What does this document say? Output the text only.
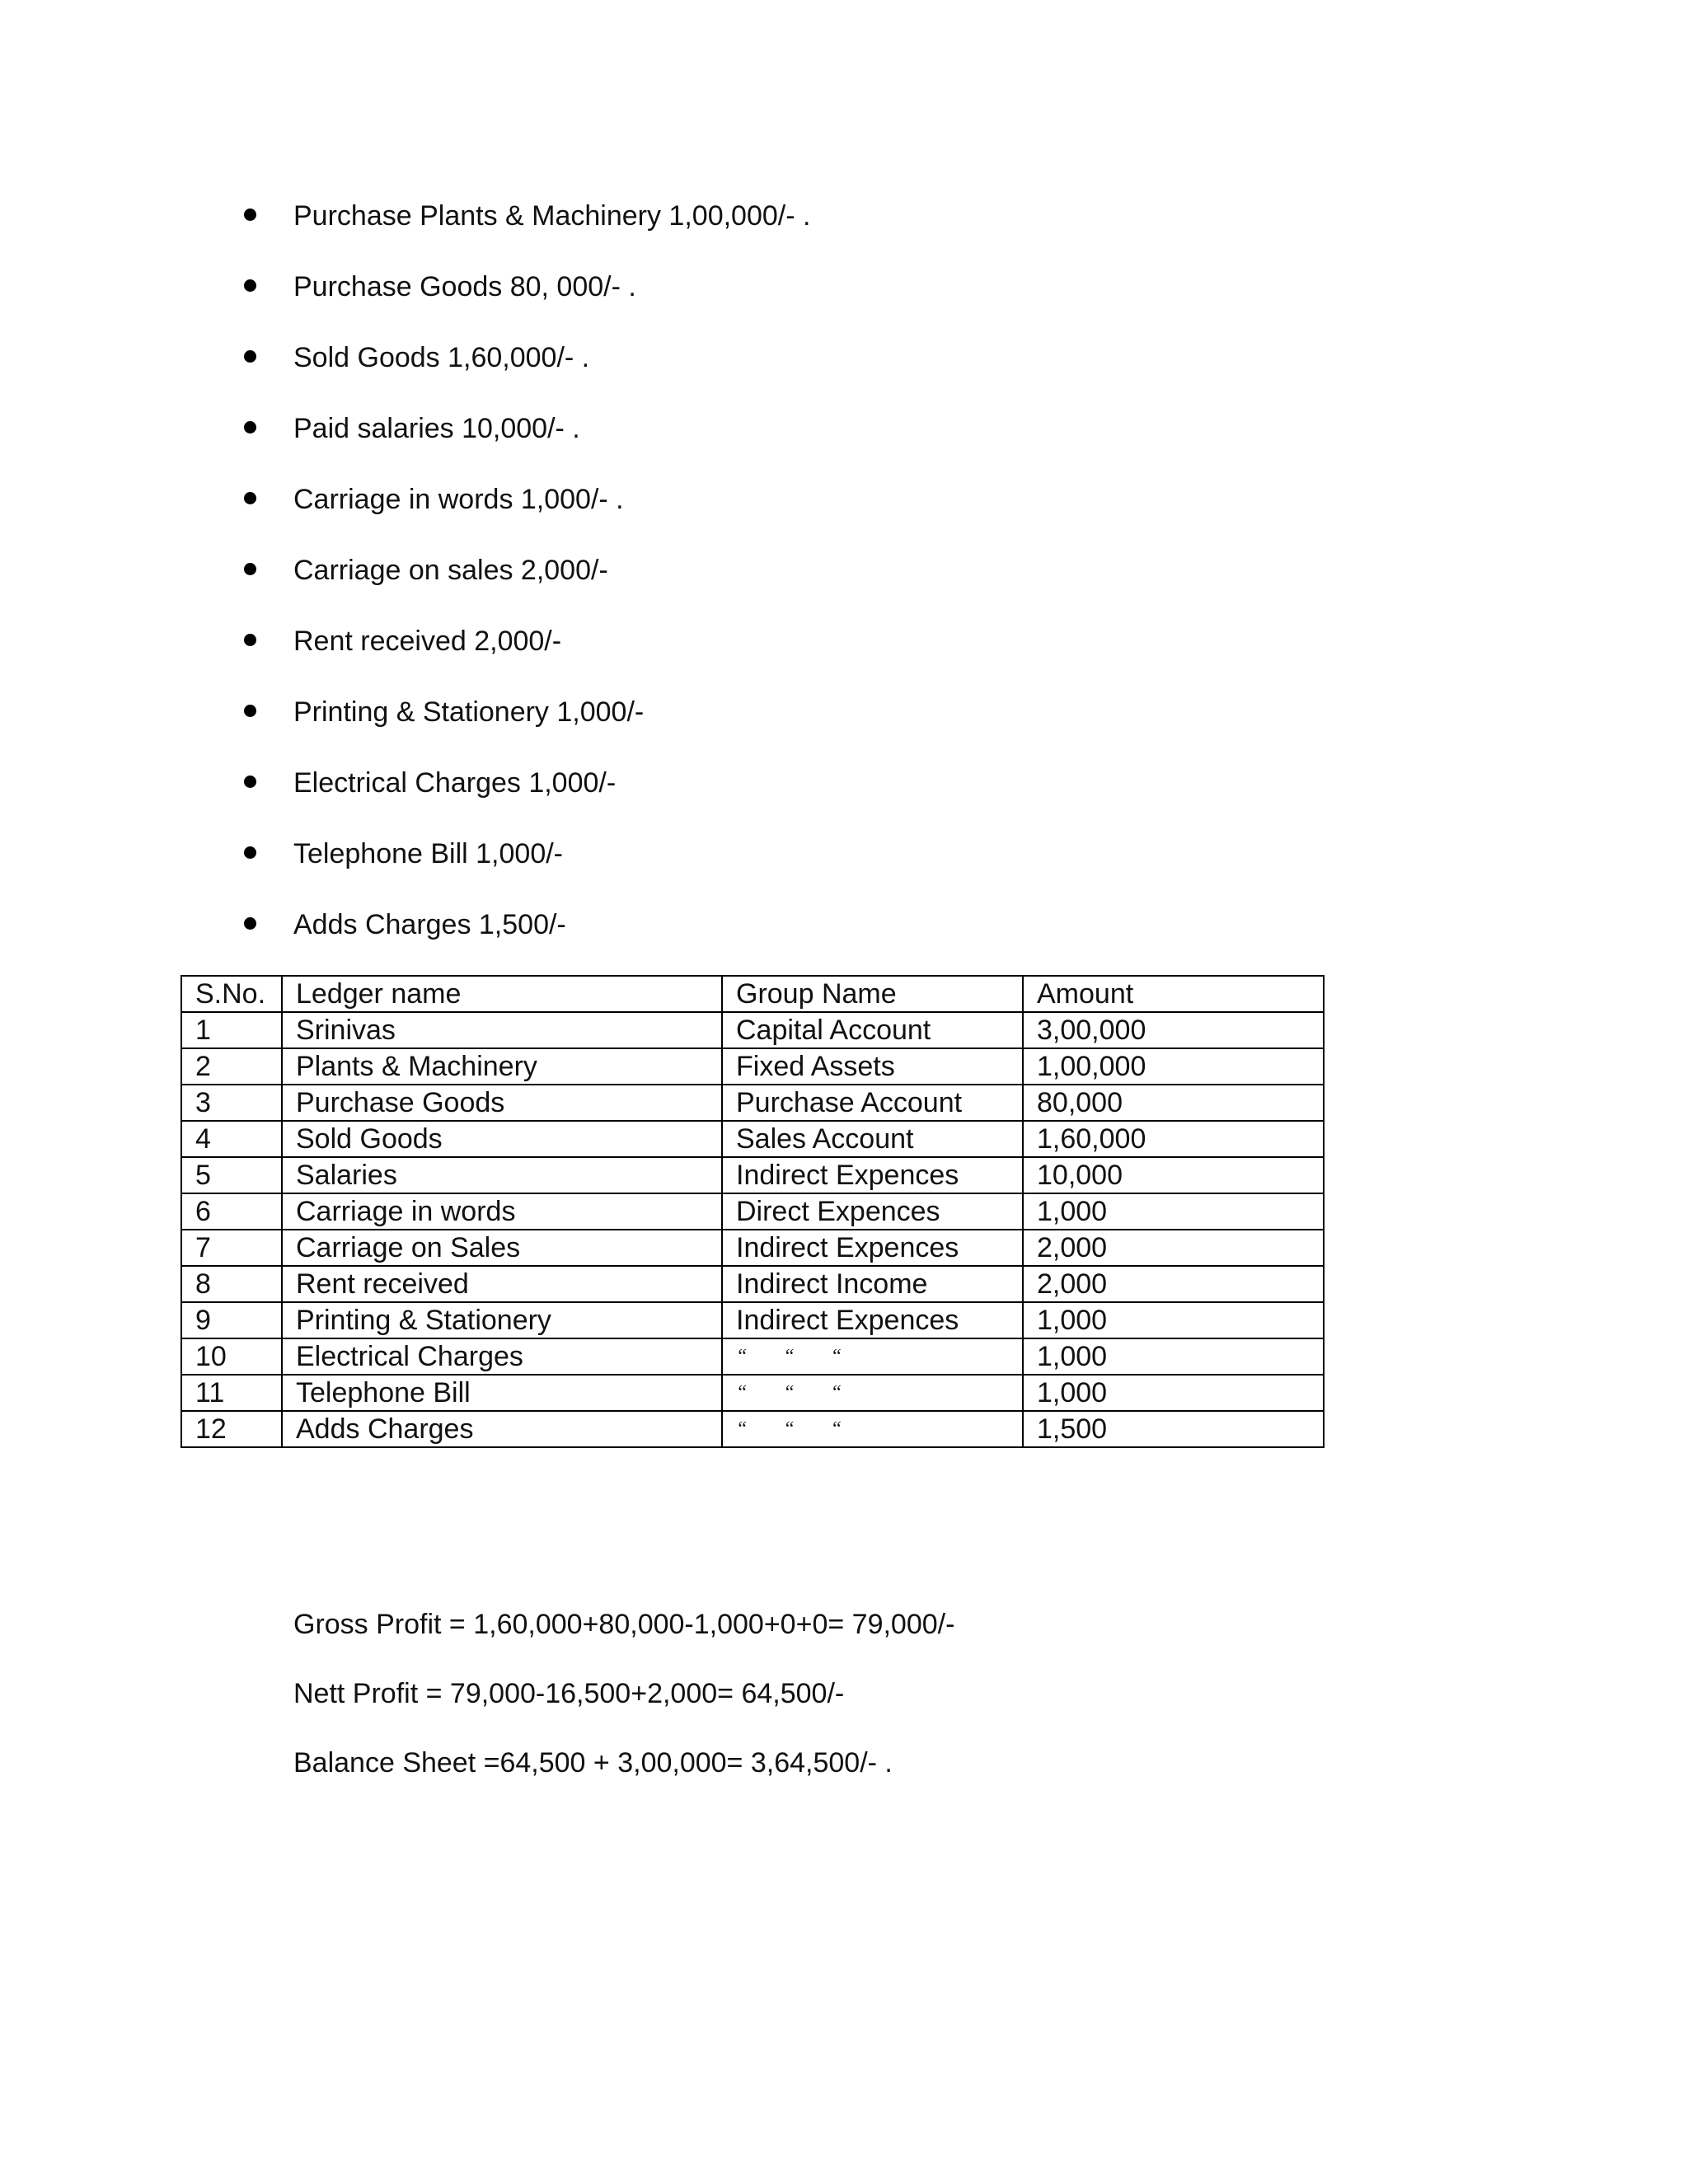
Purchase Plants & Machinery 1,00,000/- .
Purchase Goods 80, 000/- .
Sold Goods 1,60,000/- .
Paid salaries 10,000/- .
Carriage in words 1,000/- .
Carriage on sales 2,000/-
Rent received 2,000/-
Printing & Stationery 1,000/-
Electrical Charges 1,000/-
Telephone Bill 1,000/-
Adds Charges 1,500/-
S.No.	Ledger name	Group Name	Amount
1	Srinivas	Capital Account	3,00,000
2	Plants & Machinery	Fixed Assets	1,00,000
3	Purchase Goods	Purchase Account	80,000
4	Sold Goods	Sales Account	1,60,000
5	Salaries	Indirect Expences	10,000
6	Carriage in words	Direct Expences	1,000
7	Carriage on Sales	Indirect Expences	2,000
8	Rent received	Indirect Income	2,000
9	Printing & Stationery	Indirect Expences	1,000
10	Electrical Charges	“ “ “	1,000
11	Telephone Bill	“ “ “	1,000
12	Adds Charges	“ “ “	1,500
Gross Profit = 1,60,000+80,000-1,000+0+0= 79,000/-
Nett Profit = 79,000-16,500+2,000= 64,500/-
Balance Sheet =64,500 + 3,00,000= 3,64,500/- .
